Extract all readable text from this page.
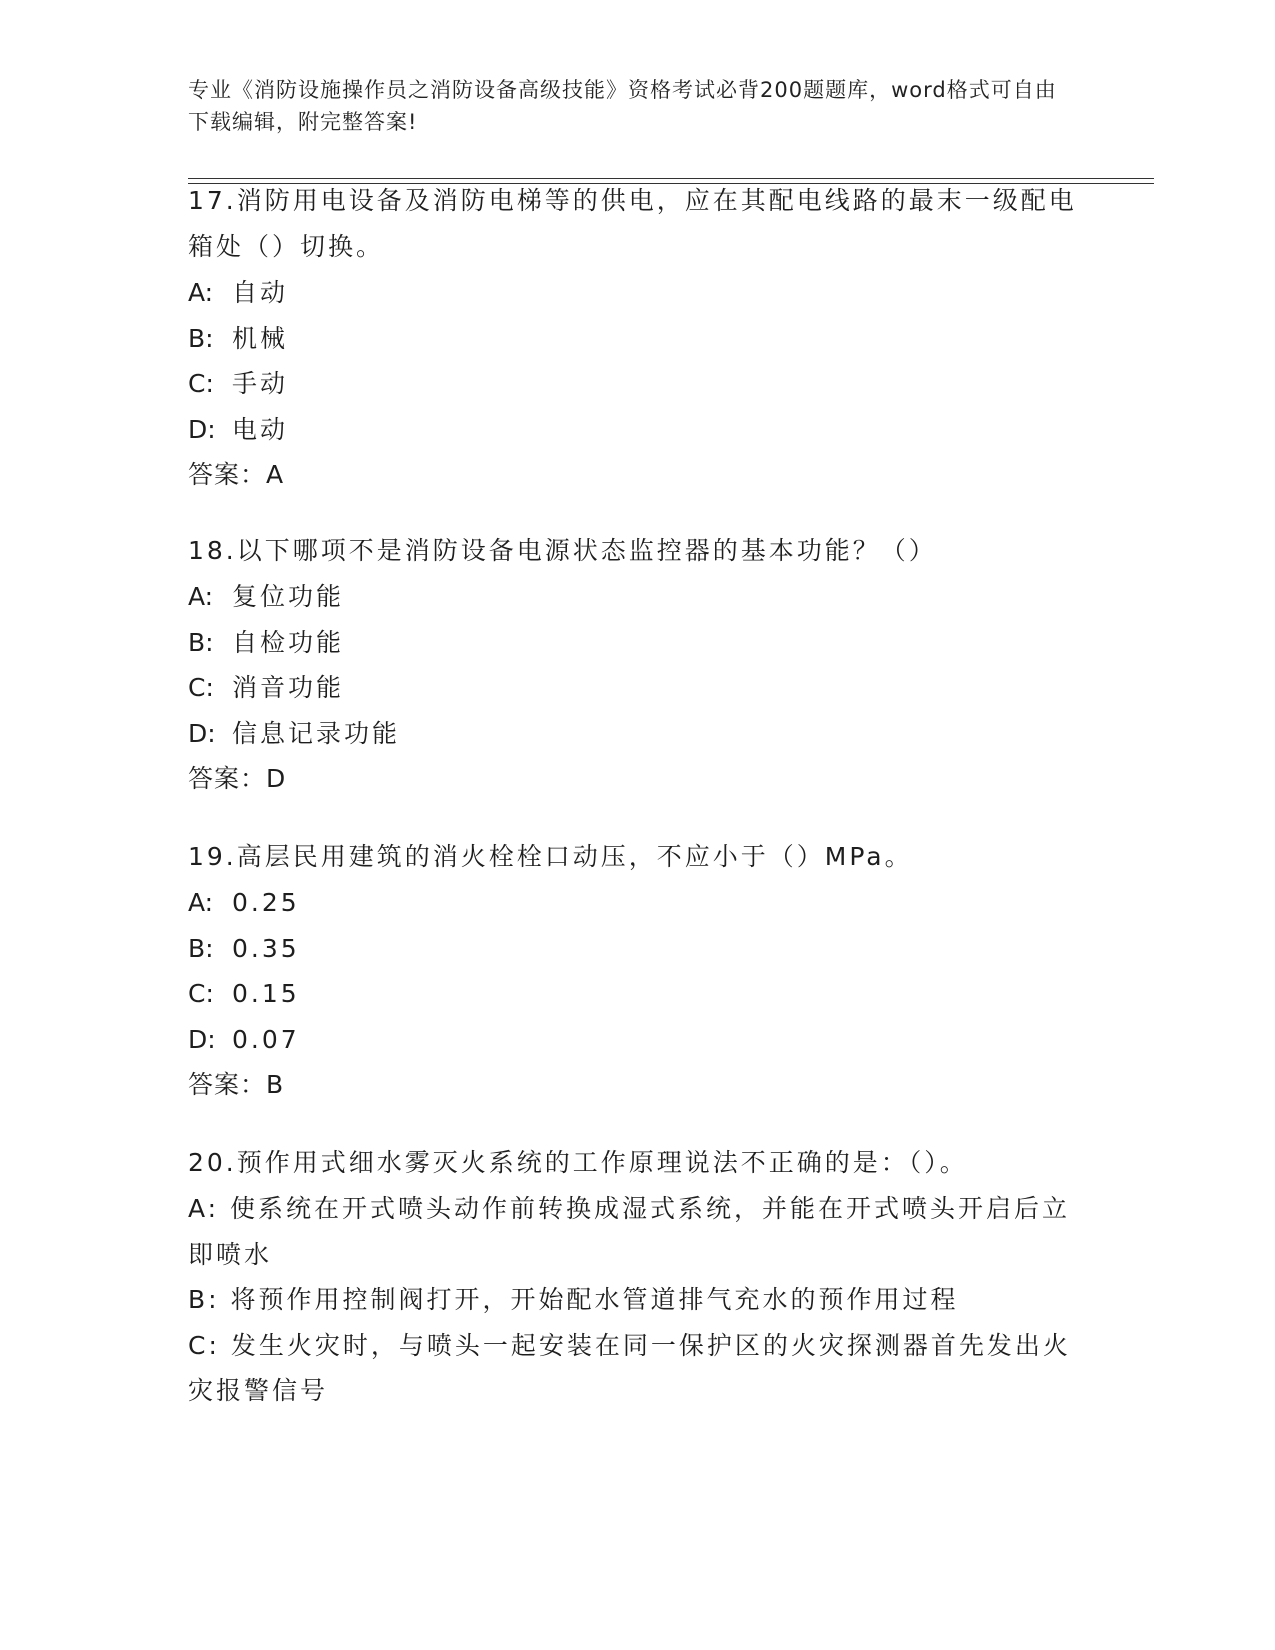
专业《消防设施操作员之消防设备高级技能》资格考试必背200题题库，word格式可自由下载编辑，附完整答案!
17.消防用电设备及消防电梯等的供电，应在其配电线路的最末一级配电箱处（）切换。
A: 自动
B: 机械
C: 手动
D: 电动
答案：A
18.以下哪项不是消防设备电源状态监控器的基本功能？（）
A: 复位功能
B: 自检功能
C: 消音功能
D: 信息记录功能
答案：D
19.高层民用建筑的消火栓栓口动压，不应小于（）MPa。
A: 0.25
B: 0.35
C: 0.15
D: 0.07
答案：B
20.预作用式细水雾灭火系统的工作原理说法不正确的是：（）。
A: 使系统在开式喷头动作前转换成湿式系统，并能在开式喷头开启后立即喷水
B: 将预作用控制阀打开，开始配水管道排气充水的预作用过程
C: 发生火灾时，与喷头一起安装在同一保护区的火灾探测器首先发出火灾报警信号
